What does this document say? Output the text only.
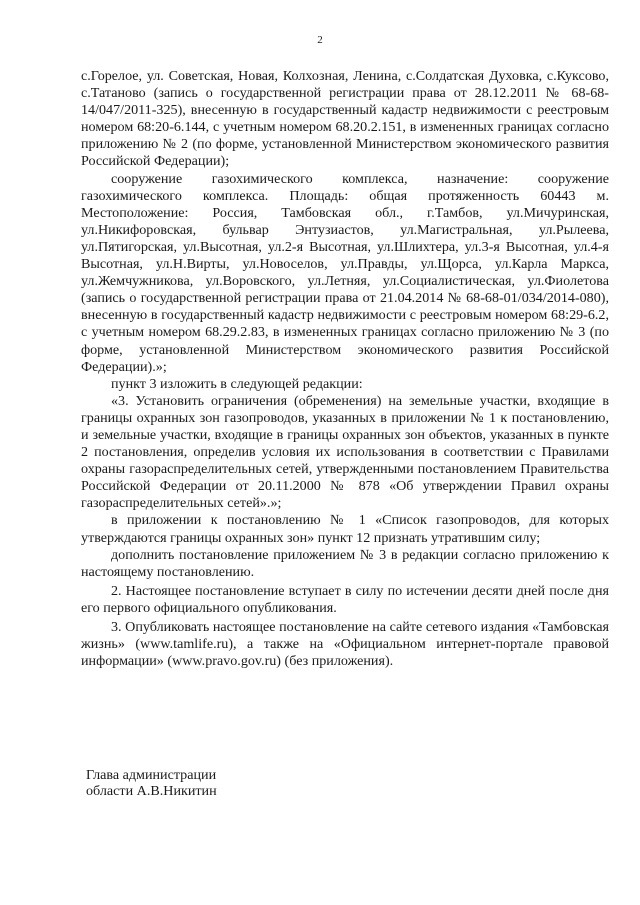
2

с.Горелое, ул. Советская, Новая, Колхозная, Ленина, с.Солдатская Духовка, с.Куксово, с.Татаново (запись о государственной регистрации права от 28.12.2011 № 68-68-14/047/2011-325), внесенную в государственный кадастр недвижимости с реестровым номером 68:20-6.144, с учетным номером 68.20.2.151, в измененных границах согласно приложению № 2 (по форме, установленной Министерством экономического развития Российской Федерации);

сооружение газохимического комплекса, назначение: сооружение газохимического комплекса. Площадь: общая протяженность 60443 м. Местоположение: Россия, Тамбовская обл., г.Тамбов, ул.Мичуринская, ул.Никифоровская, бульвар Энтузиастов, ул.Магистральная, ул.Рылеева, ул.Пятигорская, ул.Высотная, ул.2-я Высотная, ул.Шлихтера, ул.3-я Высотная, ул.4-я Высотная, ул.Н.Вирты, ул.Новоселов, ул.Правды, ул.Щорса, ул.Карла Маркса, ул.Жемчужникова, ул.Воровского, ул.Летняя, ул.Социалистическая, ул.Фиолетова (запись о государственной регистрации права от 21.04.2014 № 68-68-01/034/2014-080), внесенную в государственный кадастр недвижимости с реестровым номером 68:29-6.2, с учетным номером 68.29.2.83, в измененных границах согласно приложению № 3 (по форме, установленной Министерством экономического развития Российской Федерации).»;

пункт 3 изложить в следующей редакции:

«3. Установить ограничения (обременения) на земельные участки, входящие в границы охранных зон газопроводов, указанных в приложении № 1 к постановлению, и земельные участки, входящие в границы охранных зон объектов, указанных в пункте 2 постановления, определив условия их использования в соответствии с Правилами охраны газораспределительных сетей, утвержденными постановлением Правительства Российской Федерации от 20.11.2000 № 878 «Об утверждении Правил охраны газораспределительных сетей».»;

в приложении к постановлению № 1 «Список газопроводов, для которых утверждаются границы охранных зон» пункт 12 признать утратившим силу;

дополнить постановление приложением № 3 в редакции согласно приложению к настоящему постановлению.

2. Настоящее постановление вступает в силу по истечении десяти дней после дня его первого официального опубликования.

3. Опубликовать настоящее постановление на сайте сетевого издания «Тамбовская жизнь» (www.tamlife.ru), а также на «Официальном интернет-портале правовой информации» (www.pravo.gov.ru) (без приложения).

Глава администрации
области А.В.Никитин
